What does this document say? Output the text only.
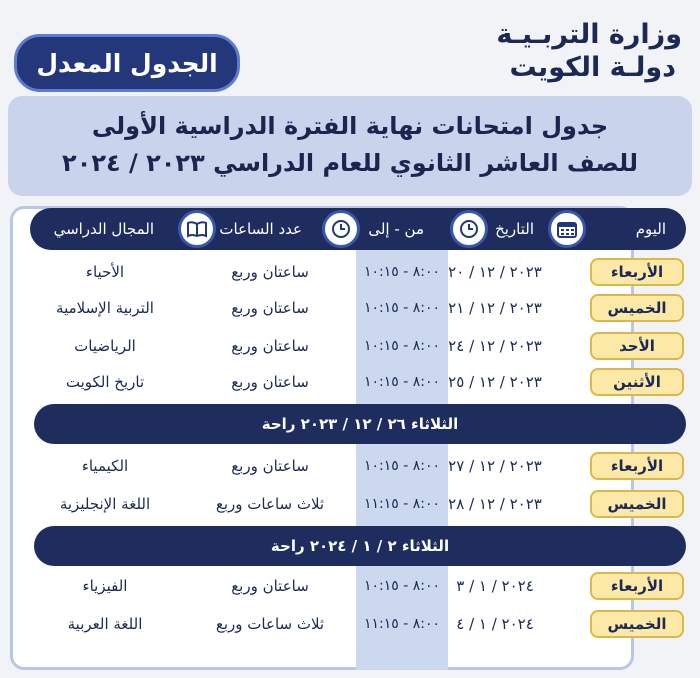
وزارة التربـيـة
دولـة الكويت
الجدول المعدل
جدول امتحانات نهاية الفترة الدراسية الأولى
للصف العاشر الثانوي للعام الدراسي ٢٠٢٣ / ٢٠٢٤
اليوم
التاريخ
من - إلى
عدد الساعات
المجال الدراسي
الأربعاء
٢٠٢٣ / ١٢ / ٢٠
٨:٠٠ - ١٠:١٥
ساعتان وربع
الأحياء
الخميس
٢٠٢٣ / ١٢ / ٢١
٨:٠٠ - ١٠:١٥
ساعتان وربع
التربية الإسلامية
الأحد
٢٠٢٣ / ١٢ / ٢٤
٨:٠٠ - ١٠:١٥
ساعتان وربع
الرياضيات
الأثنين
٢٠٢٣ / ١٢ / ٢٥
٨:٠٠ - ١٠:١٥
ساعتان وربع
تاريخ الكويت
الثلاثاء ٢٦ / ١٢ / ٢٠٢٣ راحة
الأربعاء
٢٠٢٣ / ١٢ / ٢٧
٨:٠٠ - ١٠:١٥
ساعتان وربع
الكيمياء
الخميس
٢٠٢٣ / ١٢ / ٢٨
٨:٠٠ - ١١:١٥
ثلاث ساعات وربع
اللغة الإنجليزية
الثلاثاء ٢ / ١ / ٢٠٢٤ راحة
الأربعاء
٢٠٢٤ / ١ / ٣
٨:٠٠ - ١٠:١٥
ساعتان وربع
الفيزياء
الخميس
٢٠٢٤ / ١ / ٤
٨:٠٠ - ١١:١٥
ثلاث ساعات وربع
اللغة العربية
